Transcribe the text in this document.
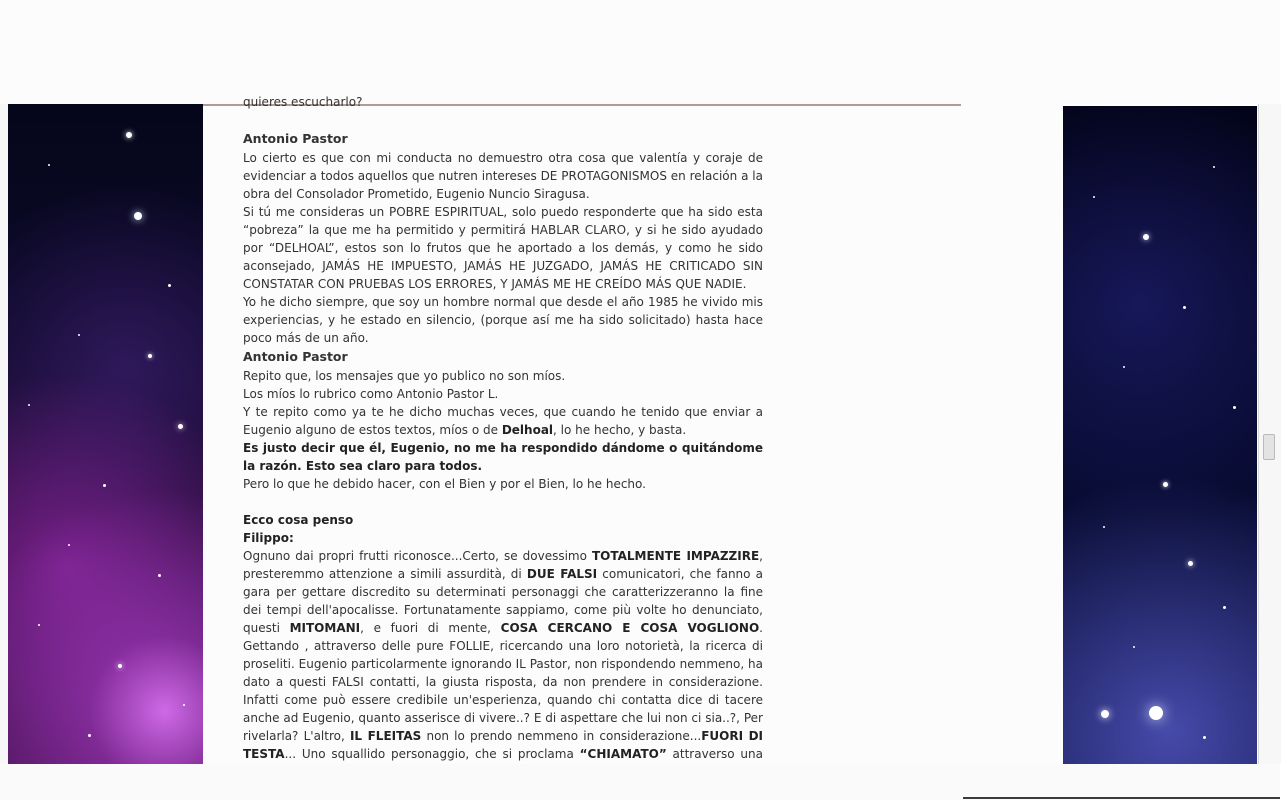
quieres escucharlo?

Antonio Pastor

Lo cierto es que con mi conducta no demuestro otra cosa que valentía y coraje de evidenciar a todos aquellos que nutren intereses DE PROTAGONISMOS en relación a la obra del Consolador Prometido, Eugenio Nuncio Siragusa.

Si tú me consideras un POBRE ESPIRITUAL, solo puedo responderte que ha sido esta “pobreza” la que me ha permitido y permitirá HABLAR CLARO, y si he sido ayudado por “DELHOAL”, estos son lo frutos que he aportado a los demás, y como he sido aconsejado, JAMÁS HE IMPUESTO, JAMÁS HE JUZGADO, JAMÁS HE CRITICADO SIN CONSTATAR CON PRUEBAS LOS ERRORES, Y JAMÁS ME HE CREÍDO MÁS QUE NADIE.

Yo he dicho siempre, que soy un hombre normal que desde el año 1985 he vivido mis experiencias, y he estado en silencio, (porque así me ha sido solicitado) hasta hace poco más de un año.

Antonio Pastor

Repito que, los mensajes que yo publico no son míos.

Los míos lo rubrico como Antonio Pastor L.

Y te repito como ya te he dicho muchas veces, que cuando he tenido que enviar a Eugenio alguno de estos textos, míos o de Delhoal, lo he hecho, y basta.

Es justo decir que él, Eugenio, no me ha respondido dándome o quitándome la razón. Esto sea claro para todos.

Pero lo que he debido hacer, con el Bien y por el Bien, lo he hecho.

Ecco cosa penso

Filippo:

Ognuno dai propri frutti riconosce...Certo, se dovessimo TOTALMENTE IMPAZZIRE, presteremmo attenzione a simili assurdità, di DUE FALSI comunicatori, che fanno a gara per gettare discredito su determinati personaggi che caratterizzeranno la fine dei tempi dell'apocalisse. Fortunatamente sappiamo, come più volte ho denunciato, questi MITOMANI, e fuori di mente, COSA CERCANO E COSA VOGLIONO. Gettando , attraverso delle pure FOLLIE, ricercando una loro notorietà, la ricerca di proseliti. Eugenio particolarmente ignorando IL Pastor, non rispondendo nemmeno, ha dato a questi FALSI contatti, la giusta risposta, da non prendere in considerazione. Infatti come può essere credibile un'esperienza, quando chi contatta dice di tacere anche ad Eugenio, quanto asserisce di vivere..? E di aspettare che lui non ci sia..?, Per rivelarla? L'altro, IL FLEITAS non lo prendo nemmeno in considerazione...FUORI DI TESTA... Uno squallido personaggio, che si proclama “CHIAMATO” attraverso una
